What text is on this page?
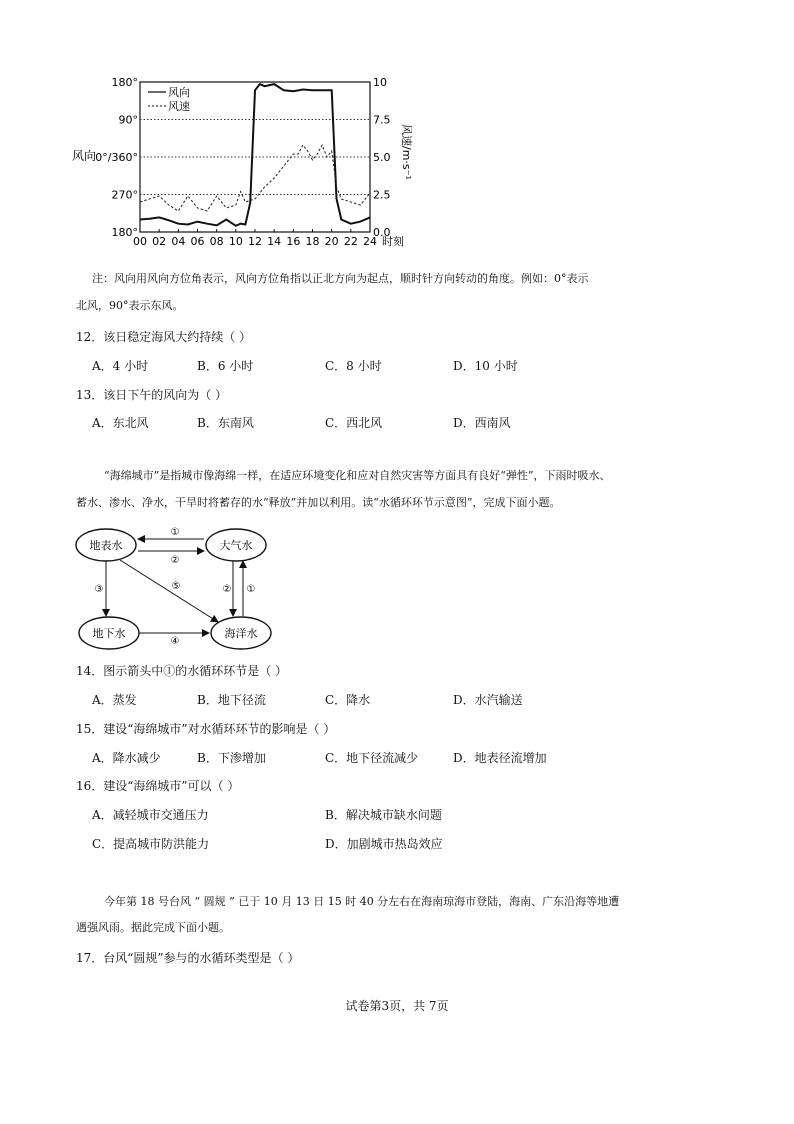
180°
270°
0°/360°
90°
180°
0.0
2.5
5.0
7.5
10
00 02 04 06 08 10 12 14 16 18 20 22 24 时刻
风向	风速/m·s⁻¹
风向
风速
注：风向用风向方位角表示，风向方位角指以正北方向为起点，顺时针方向转动的角度。例如：0°表示
北风，90°表示东风。
12．该日稳定海风大约持续（ ）
A．4 小时	B．6 小时	C．8 小时	D．10 小时
13．该日下午的风向为（ ）
A．东北风	B．东南风	C．西北风	D．西南风
“海绵城市”是指城市像海绵一样，在适应环境变化和应对自然灾害等方面具有良好“弹性”，下雨时吸水、
蓄水、渗水、净水，干旱时将蓄存的水“释放”并加以利用。读“水循环环节示意图”，完成下面小题。
地表水	大气水
地下水	海洋水
①
②
③	⑤
④
② ①
14．图示箭头中①的水循环环节是（ ）
A．蒸发	B．地下径流	C．降水	D．水汽输送
15．建设“海绵城市”对水循环环节的影响是（ ）
A．降水减少	B．下渗增加	C．地下径流减少	D．地表径流增加
16．建设“海绵城市”可以（ ）
A．减轻城市交通压力	B．解决城市缺水问题
C．提高城市防洪能力	D．加剧城市热岛效应
今年第 18 号台风 “ 圆规 ” 已于 10 月 13 日 15 时 40 分左右在海南琼海市登陆，海南、广东沿海等地遭
遇强风雨。据此完成下面小题。
17．台风“圆规”参与的水循环类型是（ ）
试卷第3页，共 7页
